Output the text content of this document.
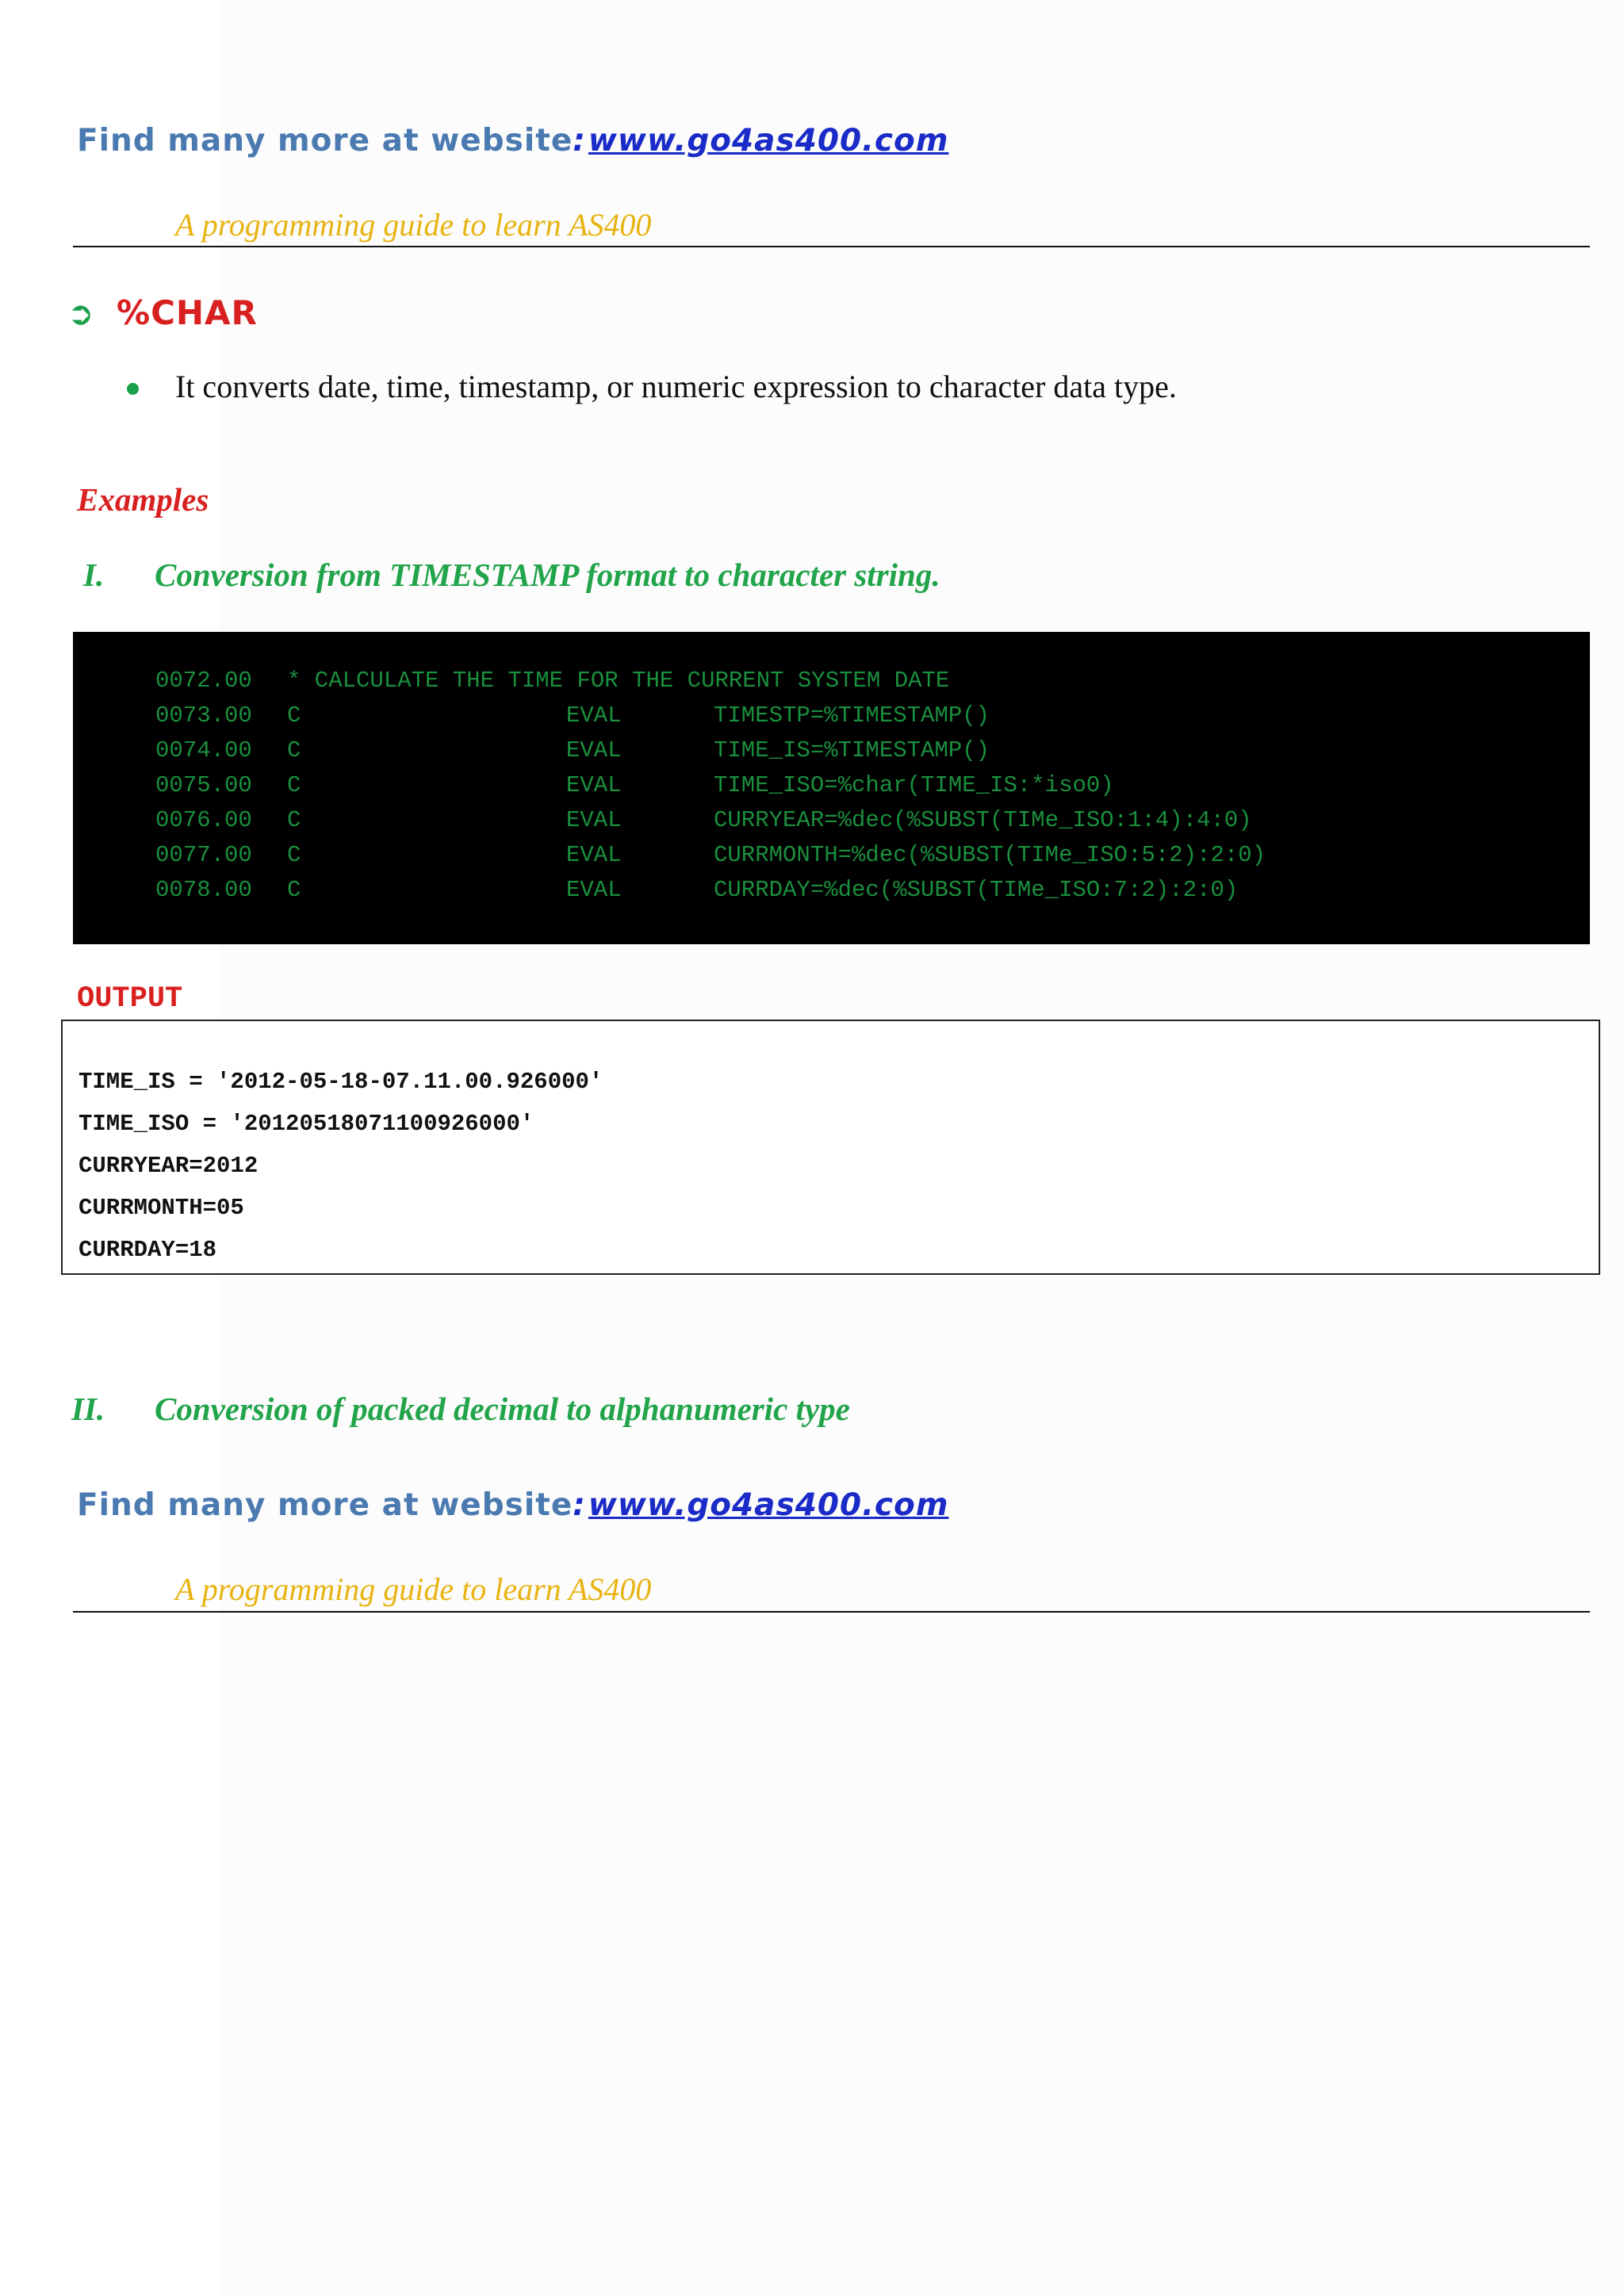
Find many more at website: www.go4as400.com
A programming guide to learn AS400
➲ %CHAR
It converts date, time, timestamp, or numeric expression to character data type.
Examples
I. Conversion from TIMESTAMP format to character string.
0072.00 * CALCULATE THE TIME FOR THE CURRENT SYSTEM DATE
0073.00 C	EVAL	TIMESTP=%TIMESTAMP()
0074.00 C	EVAL	TIME_IS=%TIMESTAMP()
0075.00 C	EVAL	TIME_ISO=%char(TIME_IS:*iso0)
0076.00 C	EVAL	CURRYEAR=%dec(%SUBST(TIMe_ISO:1:4):4:0)
0077.00 C	EVAL	CURRMONTH=%dec(%SUBST(TIMe_ISO:5:2):2:0)
0078.00 C	EVAL	CURRDAY=%dec(%SUBST(TIMe_ISO:7:2):2:0)
OUTPUT
TIME_IS = '2012-05-18-07.11.00.926000'
TIME_ISO = '20120518071100926000'
CURRYEAR=2012
CURRMONTH=05
CURRDAY=18
II. Conversion of packed decimal to alphanumeric type
Find many more at website: www.go4as400.com
A programming guide to learn AS400
